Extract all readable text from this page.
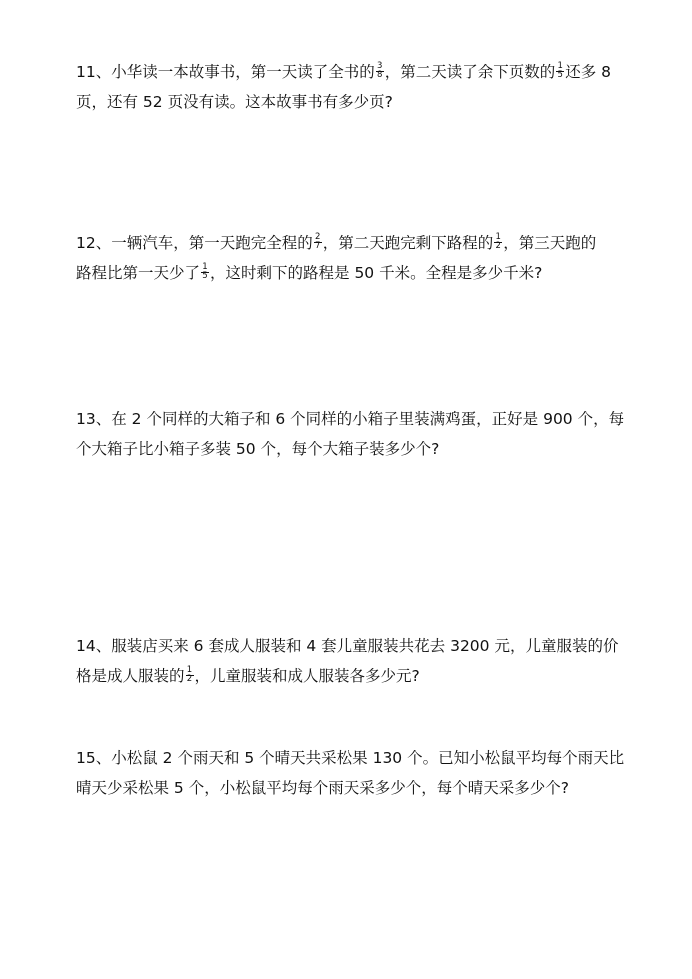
11、小华读一本故事书，第一天读了全书的 $\frac{3}{8}$ ，第二天读了余下页数的 $\frac{1}{5}$ 还多 8
页，还有 52 页没有读。这本故事书有多少页?
12、一辆汽车，第一天跑完全程的 $\frac{2}{7}$ ，第二天跑完剩下路程的 $\frac{1}{2}$ ，第三天跑的
路程比第一天少了 $\frac{1}{5}$ ，这时剩下的路程是 50 千米。全程是多少千米?
13、在 2 个同样的大箱子和 6 个同样的小箱子里装满鸡蛋，正好是 900 个，每
个大箱子比小箱子多装 50 个，每个大箱子装多少个?
14、服装店买来 6 套成人服装和 4 套儿童服装共花去 3200 元，儿童服装的价
格是成人服装的 $\frac{1}{2}$ ，儿童服装和成人服装各多少元?
15、小松鼠 2 个雨天和 5 个晴天共采松果 130 个。已知小松鼠平均每个雨天比
晴天少采松果 5 个，小松鼠平均每个雨天采多少个，每个晴天采多少个?
